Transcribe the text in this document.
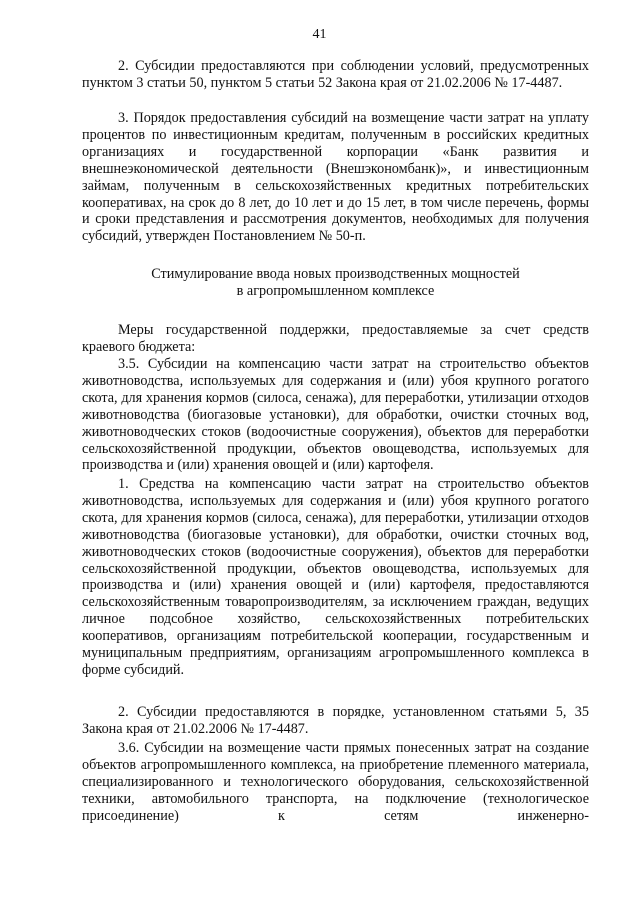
41

2. Субсидии предоставляются при соблюдении условий, предусмотренных пунктом 3 статьи 50, пунктом 5 статьи 52 Закона края от 21.02.2006 № 17-4487.

3. Порядок предоставления субсидий на возмещение части затрат на уплату процентов по инвестиционным кредитам, полученным в российских кредитных организациях и государственной корпорации «Банк развития и внешнеэкономической деятельности (Внешэкономбанк)», и инвестиционным займам, полученным в сельскохозяйственных кредитных потребительских кооперативах, на срок до 8 лет, до 10 лет и до 15 лет, в том числе перечень, формы и сроки представления и рассмотрения документов, необходимых для получения субсидий, утвержден Постановлением № 50-п.

Стимулирование ввода новых производственных мощностей
в агропромышленном комплексе

Меры государственной поддержки, предоставляемые за счет средств краевого бюджета:

3.5. Субсидии на компенсацию части затрат на строительство объектов животноводства, используемых для содержания и (или) убоя крупного рогатого скота, для хранения кормов (силоса, сенажа), для переработки, утилизации отходов животноводства (биогазовые установки), для обработки, очистки сточных вод, животноводческих стоков (водоочистные сооружения), объектов для переработки сельскохозяйственной продукции, объектов овощеводства, используемых для производства и (или) хранения овощей и (или) картофеля.

1. Средства на компенсацию части затрат на строительство объектов животноводства, используемых для содержания и (или) убоя крупного рогатого скота, для хранения кормов (силоса, сенажа), для переработки, утилизации отходов животноводства (биогазовые установки), для обработки, очистки сточных вод, животноводческих стоков (водоочистные сооружения), объектов для переработки сельскохозяйственной продукции, объектов овощеводства, используемых для производства и (или) хранения овощей и (или) картофеля, предоставляются сельскохозяйственным товаропроизводителям, за исключением граждан, ведущих личное подсобное хозяйство, сельскохозяйственных потребительских кооперативов, организациям потребительской кооперации, государственным и муниципальным предприятиям, организациям агропромышленного комплекса в форме субсидий.

2. Субсидии предоставляются в порядке, установленном статьями 5, 35 Закона края от 21.02.2006 № 17-4487.

3.6. Субсидии на возмещение части прямых понесенных затрат на создание объектов агропромышленного комплекса, на приобретение племенного материала, специализированного и технологического оборудования, сельскохозяйственной техники, автомобильного транспорта, на подключение (технологическое присоединение) к сетям инженерно-
